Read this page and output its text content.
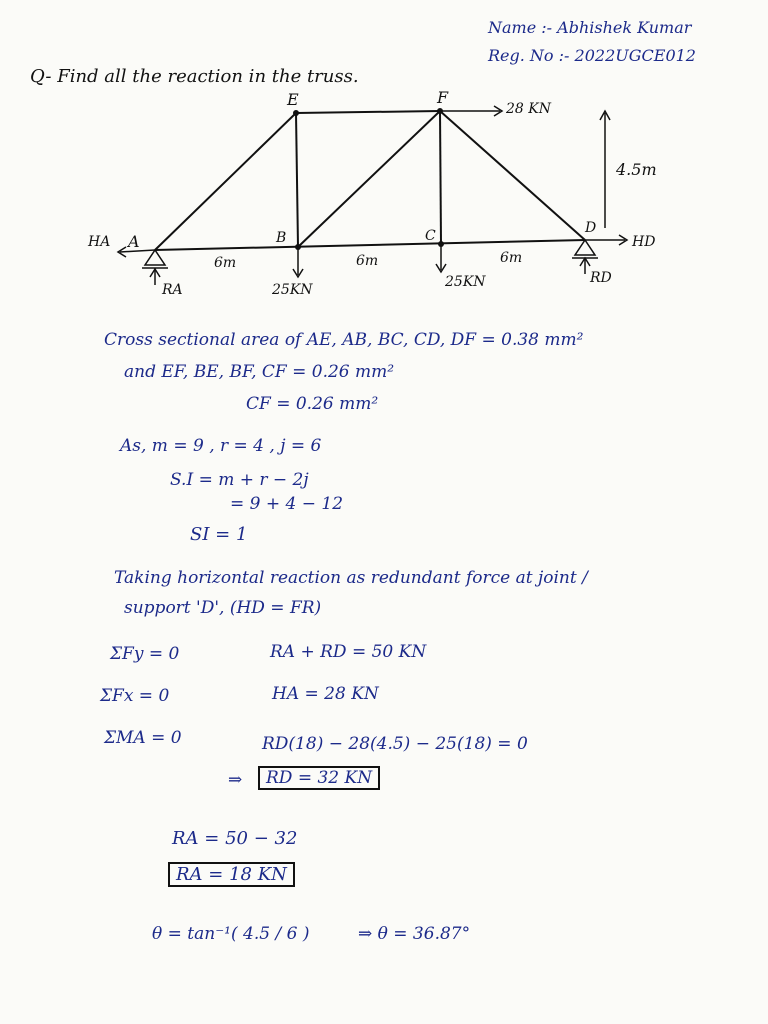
Name :- Abhishek Kumar
Reg. No :- 2022UGCE012
Q- Find all the reaction in the truss.
E	F
A	B	C	D
28 KN
4.5m
6m	6m	6m
25KN	25KN
HA
RA
HD
RD
Cross sectional area of AE, AB, BC, CD, DF = 0.38 mm²
and EF, BE, BF, CF = 0.26 mm²
CF = 0.26 mm²
As, m = 9 , r = 4 , j = 6
S.I = m + r − 2j
= 9 + 4 − 12
SI = 1
Taking horizontal reaction as redundant force at joint /
support 'D', (HD = FR)
ΣFy = 0	RA + RD = 50 KN
ΣFx = 0	HA = 28 KN
ΣMA = 0	RD(18) − 28(4.5) − 25(18) = 0
⇒	RD = 32 KN
RA = 50 − 32
RA = 18 KN
θ = tan⁻¹( 4.5 / 6 )	⇒ θ = 36.87°
